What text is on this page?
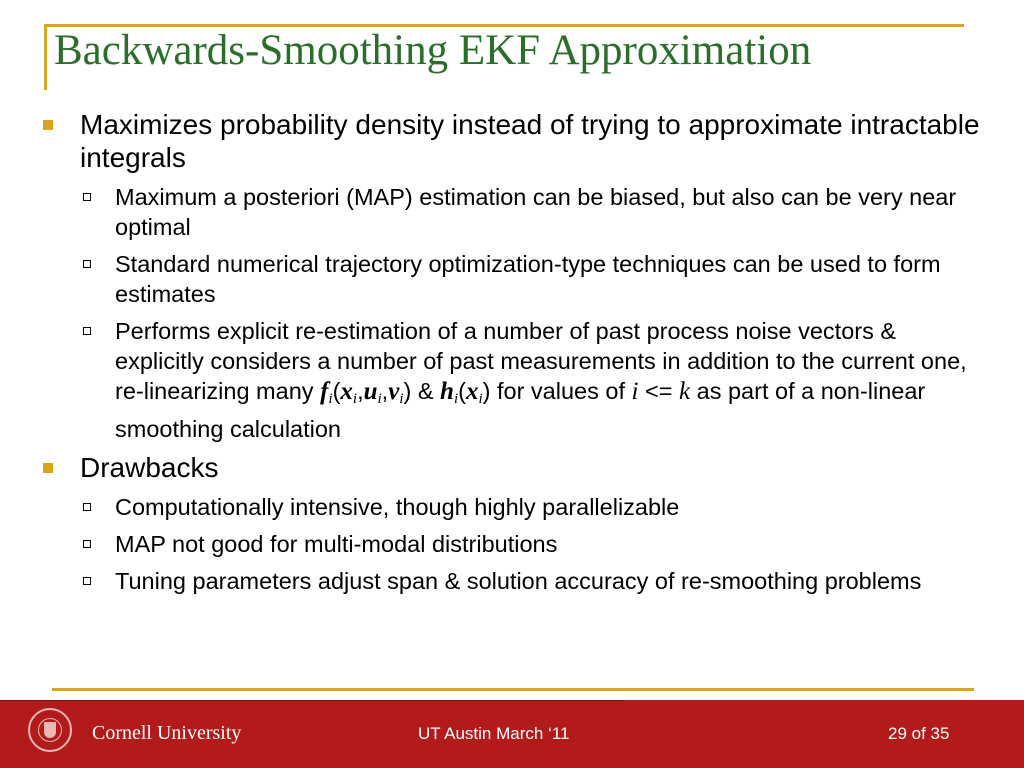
Backwards-Smoothing EKF Approximation
Maximizes probability density instead of trying to approximate intractable integrals
Maximum a posteriori (MAP) estimation can be biased, but also can be very near optimal
Standard numerical trajectory optimization-type techniques can be used to form estimates
Performs explicit re-estimation of a number of past process noise vectors & explicitly considers a number of past measurements in addition to the current one, re-linearizing many $f_i(x_i,u_i,v_i)$ & $h_i(x_i)$ for values of i <= k as part of a non-linear smoothing calculation
Drawbacks
Computationally intensive, though highly parallelizable
MAP not good for multi-modal distributions
Tuning parameters adjust span & solution accuracy of re-smoothing problems
Cornell University	UT Austin March ‘11	29 of 35
